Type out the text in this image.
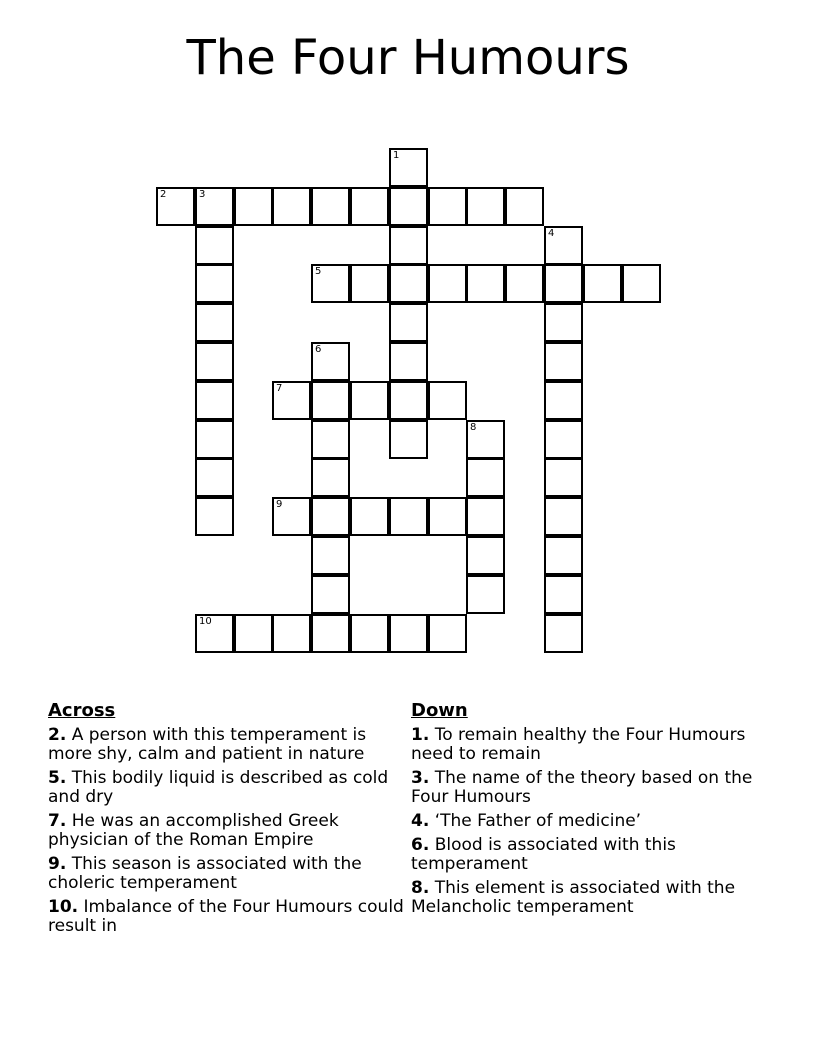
The Four Humours
1
2	3
4
5
6
7
8
9
10
Across
2. A person with this temperament is more shy, calm and patient in nature
5. This bodily liquid is described as cold and dry
7. He was an accomplished Greek physician of the Roman Empire
9. This season is associated with the choleric temperament
10. Imbalance of the Four Humours could result in
Down
1. To remain healthy the Four Humours need to remain
3. The name of the theory based on the Four Humours
4. ‘The Father of medicine’
6. Blood is associated with this temperament
8. This element is associated with the Melancholic temperament
